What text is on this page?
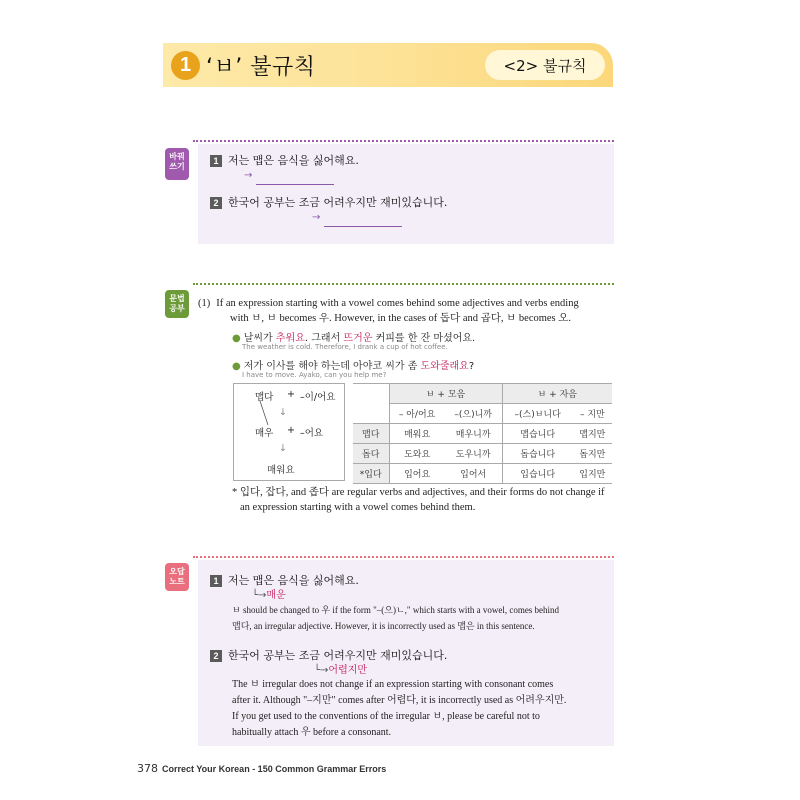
1 ‘ㅂ’ 불규칙	<2> 불규칙
바꿔
쓰기
1 저는 맵은 음식을 싫어해요.
→
2 한국어 공부는 조금 어려우지만 재미있습니다.
→
문법
공부	(1) If an expression starting with a vowel comes behind some adjectives and verbs ending
with ㅂ, ㅂ becomes 우. However, in the cases of 돕다 and 곱다, ㅂ becomes 오.
● 날씨가 추워요. 그래서 뜨거운 커피를 한 잔 마셨어요.
The weather is cold. Therefore, I drank a cup of hot coffee.
● 저가 이사를 해야 하는데 아야코 씨가 좀 도와줄래요?
I have to move. Ayako, can you help me?
맵다 + –이/어요
↓
매우 + –어요
↓
매워요
	ㅂ + 모음		ㅂ + 자음	
	– 아/어요	–(으)니까	–(스)ㅂ니다	– 지만
맵다	매워요	매우니까	맵습니다	맵지만
돕다	도와요	도우니까	돕습니다	돕지만
*입다	입어요	입어서	입습니다	입지만
* 입다, 잡다, and 좁다 are regular verbs and adjectives, and their forms do not change if
an expression starting with a vowel comes behind them.
오답
노트	1 저는 맵은 음식을 싫어해요.
└→매운
ㅂ should be changed to 우 if the form "–(으)ㄴ," which starts with a vowel, comes behind
맵다, an irregular adjective. However, it is incorrectly used as 맵은 in this sentence.
2 한국어 공부는 조금 어려우지만 재미있습니다.
└→어렵지만
The ㅂ irregular does not change if an expression starting with consonant comes
after it. Although "–지만" comes after 어렵다, it is incorrectly used as 어려우지만.
If you get used to the conventions of the irregular ㅂ, please be careful not to
habitually attach 우 before a consonant.
378 Correct Your Korean - 150 Common Grammar Errors
